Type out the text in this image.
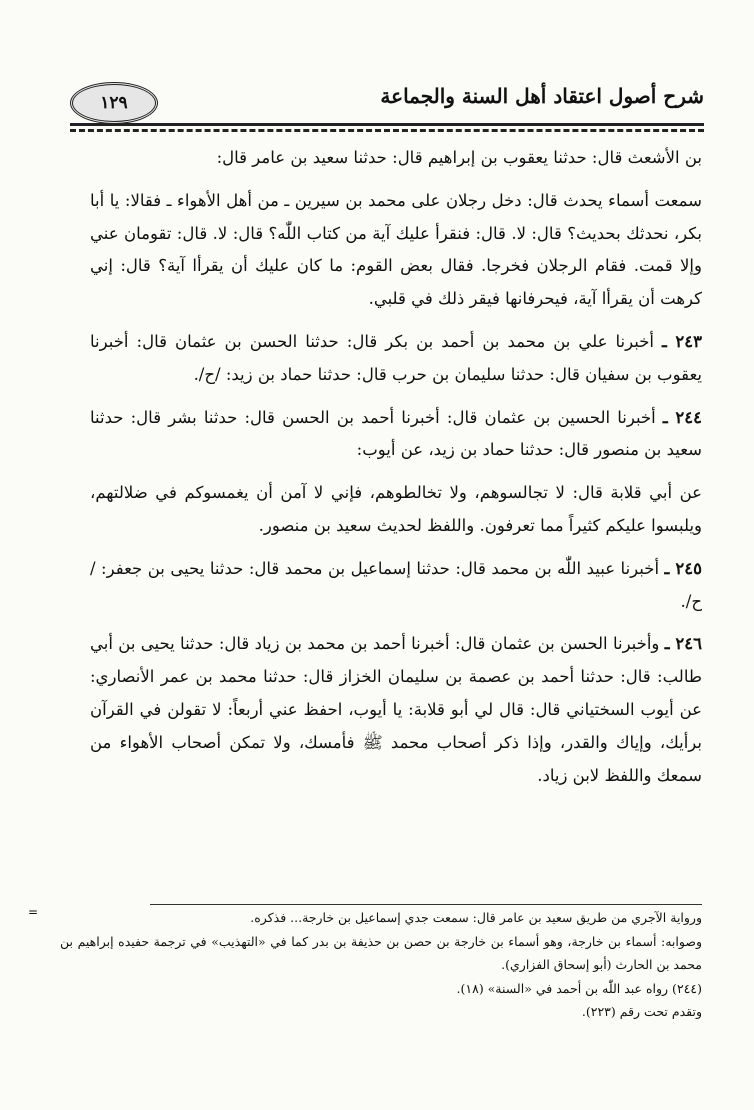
شرح أصول اعتقاد أهل السنة والجماعة
١٢٩

بن الأشعث قال: حدثنا يعقوب بن إبراهيم قال: حدثنا سعيد بن عامر قال:

سمعت أسماء يحدث قال: دخل رجلان على محمد بن سيرين ـ من أهل الأهواء ـ فقالا: يا أبا بكر، نحدثك بحديث؟ قال: لا. قال: فنقرأ عليك آية من كتاب اللّٰه؟ قال: لا. قال: تقومان عني وإلا قمت. فقام الرجلان فخرجا. فقال بعض القوم: ما كان عليك أن يقرأا آية؟ قال: إني كرهت أن يقرأا آية، فيحرفانها فيقر ذلك في قلبي.

٢٤٣ ـ أخبرنا علي بن محمد بن أحمد بن بكر قال: حدثنا الحسن بن عثمان قال: أخبرنا يعقوب بن سفيان قال: حدثنا سليمان بن حرب قال: حدثنا حماد بن زيد: /ح/.

٢٤٤ ـ أخبرنا الحسين بن عثمان قال: أخبرنا أحمد بن الحسن قال: حدثنا بشر قال: حدثنا سعيد بن منصور قال: حدثنا حماد بن زيد، عن أيوب:

عن أبي قلابة قال: لا تجالسوهم، ولا تخالطوهم، فإني لا آمن أن يغمسوكم في ضلالتهم، ويلبسوا عليكم كثيراً مما تعرفون. واللفظ لحديث سعيد بن منصور.

٢٤٥ ـ أخبرنا عبيد اللّٰه بن محمد قال: حدثنا إسماعيل بن محمد قال: حدثنا يحيى بن جعفر: /ح/.

٢٤٦ ـ وأخبرنا الحسن بن عثمان قال: أخبرنا أحمد بن محمد بن زياد قال: حدثنا يحيى بن أبي طالب: قال: حدثنا أحمد بن عصمة بن سليمان الخزاز قال: حدثنا محمد بن عمر الأنصاري: عن أيوب السختياني قال: قال لي أبو قلابة: يا أيوب، احفظ عني أربعاً: لا تقولن في القرآن برأيك، وإياك والقدر، وإذا ذكر أصحاب محمد ﷺ فأمسك، ولا تمكن أصحاب الأهواء من سمعك واللفظ لابن زياد.

=	ورواية الآجري من طريق سعيد بن عامر قال: سمعت جدي إسماعيل بن خارجة... فذكره.

وصوابه: أسماء بن خارجة، وهو أسماء بن خارجة بن حصن بن حذيفة بن بدر كما في «التهذيب» في ترجمة حفيده إبراهيم بن محمد بن الحارث (أبو إسحاق الفزاري).

(٢٤٤) رواه عبد اللّٰه بن أحمد في «السنة» (١٨).

وتقدم تحت رقم (٢٢٣).
